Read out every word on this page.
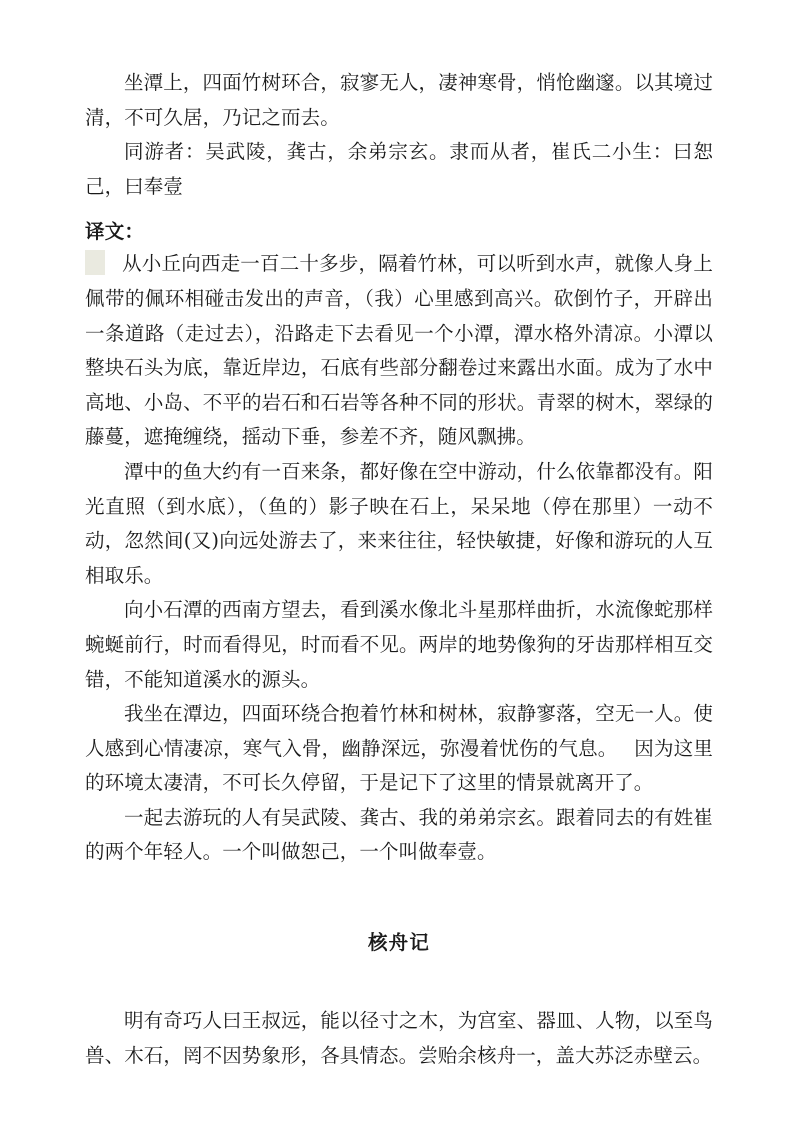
坐潭上，四面竹树环合，寂寥无人，凄神寒骨，悄怆幽邃。以其境过清，不可久居，乃记之而去。

同游者：吴武陵，龚古，余弟宗玄。隶而从者，崔氏二小生：曰恕己，曰奉壹

译文：

从小丘向西走一百二十多步，隔着竹林，可以听到水声，就像人身上佩带的佩环相碰击发出的声音，（我）心里感到高兴。砍倒竹子，开辟出一条道路（走过去），沿路走下去看见一个小潭，潭水格外清凉。小潭以整块石头为底，靠近岸边，石底有些部分翻卷过来露出水面。成为了水中高地、小岛、不平的岩石和石岩等各种不同的形状。青翠的树木，翠绿的藤蔓，遮掩缠绕，摇动下垂，参差不齐，随风飘拂。

潭中的鱼大约有一百来条，都好像在空中游动，什么依靠都没有。阳光直照（到水底），（鱼的）影子映在石上，呆呆地（停在那里）一动不动，忽然间(又)向远处游去了，来来往往，轻快敏捷，好像和游玩的人互相取乐。

向小石潭的西南方望去，看到溪水像北斗星那样曲折，水流像蛇那样蜿蜒前行，时而看得见，时而看不见。两岸的地势像狗的牙齿那样相互交错，不能知道溪水的源头。

我坐在潭边，四面环绕合抱着竹林和树林，寂静寥落，空无一人。使人感到心情凄凉，寒气入骨，幽静深远，弥漫着忧伤的气息。 因为这里的环境太凄清，不可长久停留，于是记下了这里的情景就离开了。

一起去游玩的人有吴武陵、龚古、我的弟弟宗玄。跟着同去的有姓崔的两个年轻人。一个叫做恕己，一个叫做奉壹。

核舟记

明有奇巧人曰王叔远，能以径寸之木，为宫室、器皿、人物，以至鸟兽、木石，罔不因势象形，各具情态。尝贻余核舟一，盖大苏泛赤壁云。
